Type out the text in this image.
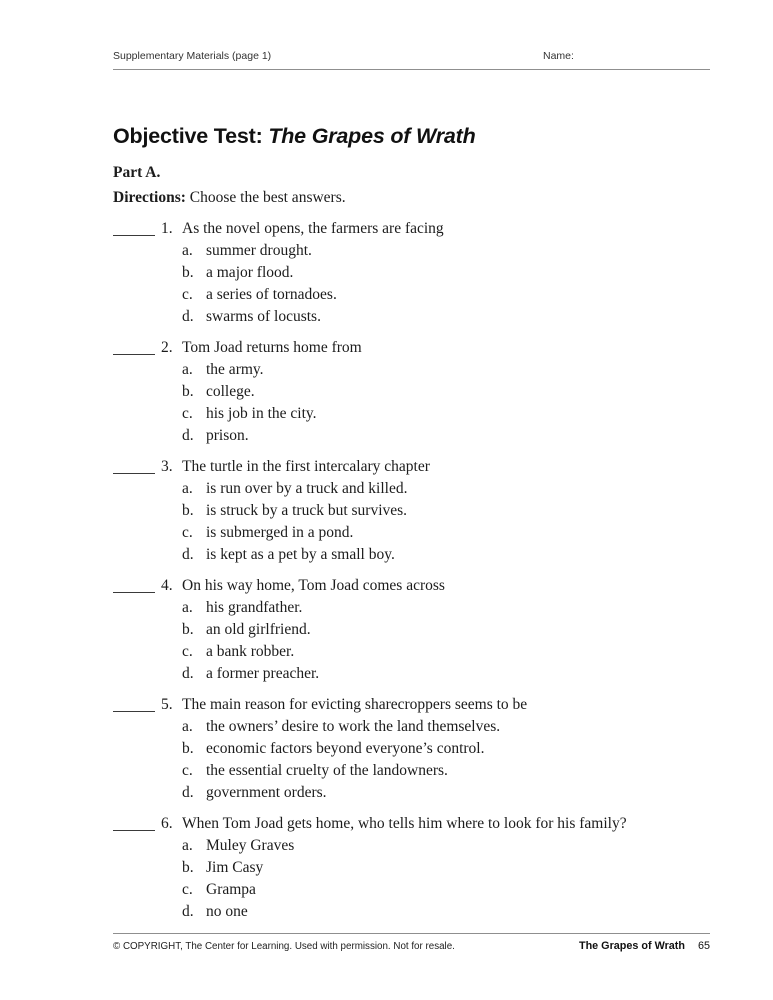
Supplementary Materials (page 1)	Name:
Objective Test: The Grapes of Wrath
Part A.
Directions: Choose the best answers.
1. As the novel opens, the farmers are facing
a. summer drought.
b. a major flood.
c. a series of tornadoes.
d. swarms of locusts.
2. Tom Joad returns home from
a. the army.
b. college.
c. his job in the city.
d. prison.
3. The turtle in the first intercalary chapter
a. is run over by a truck and killed.
b. is struck by a truck but survives.
c. is submerged in a pond.
d. is kept as a pet by a small boy.
4. On his way home, Tom Joad comes across
a. his grandfather.
b. an old girlfriend.
c. a bank robber.
d. a former preacher.
5. The main reason for evicting sharecroppers seems to be
a. the owners’ desire to work the land themselves.
b. economic factors beyond everyone’s control.
c. the essential cruelty of the landowners.
d. government orders.
6. When Tom Joad gets home, who tells him where to look for his family?
a. Muley Graves
b. Jim Casy
c. Grampa
d. no one
© COPYRIGHT, The Center for Learning. Used with permission. Not for resale.	The Grapes of Wrath 65
